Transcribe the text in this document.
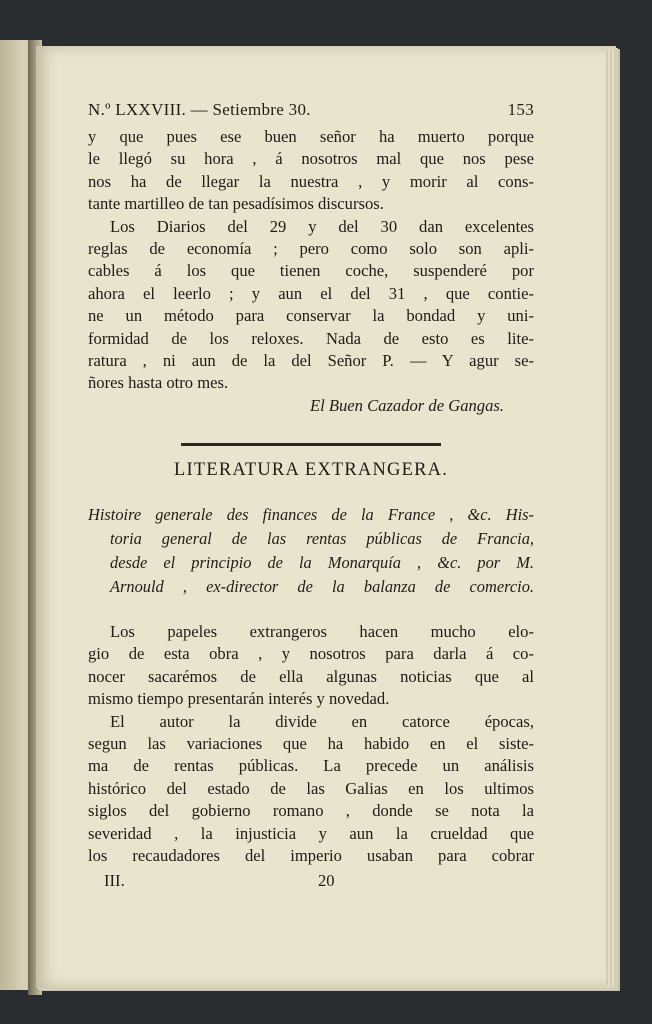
N.º LXXVIII. — Setiembre 30.	153
y que pues ese buen señor ha muerto porque
le llegó su hora , á nosotros mal que nos pese
nos ha de llegar la nuestra , y morir al cons-
tante martilleo de tan pesadísimos discursos.
Los Diarios del 29 y del 30 dan excelentes
reglas de economía ; pero como solo son apli-
cables á los que tienen coche, suspenderé por
ahora el leerlo ; y aun el del 31 , que contie-
ne un método para conservar la bondad y uni-
formidad de los reloxes. Nada de esto es lite-
ratura , ni aun de la del Señor P. — Y agur se-
ñores hasta otro mes.
El Buen Cazador de Gangas.
LITERATURA EXTRANGERA.
Histoire generale des finances de la France , &c. His-
toria general de las rentas públicas de Francia,
desde el principio de la Monarquía , &c. por M.
Arnould , ex-director de la balanza de comercio.
Los papeles extrangeros hacen mucho elo-
gio de esta obra , y nosotros para darla á co-
nocer sacarémos de ella algunas noticias que al
mismo tiempo presentarán interés y novedad.
El autor la divide en catorce épocas,
segun las variaciones que ha habido en el siste-
ma de rentas públicas. La precede un análisis
histórico del estado de las Galias en los ultimos
siglos del gobierno romano , donde se nota la
severidad , la injusticia y aun la crueldad que
los recaudadores del imperio usaban para cobrar
III.	20
